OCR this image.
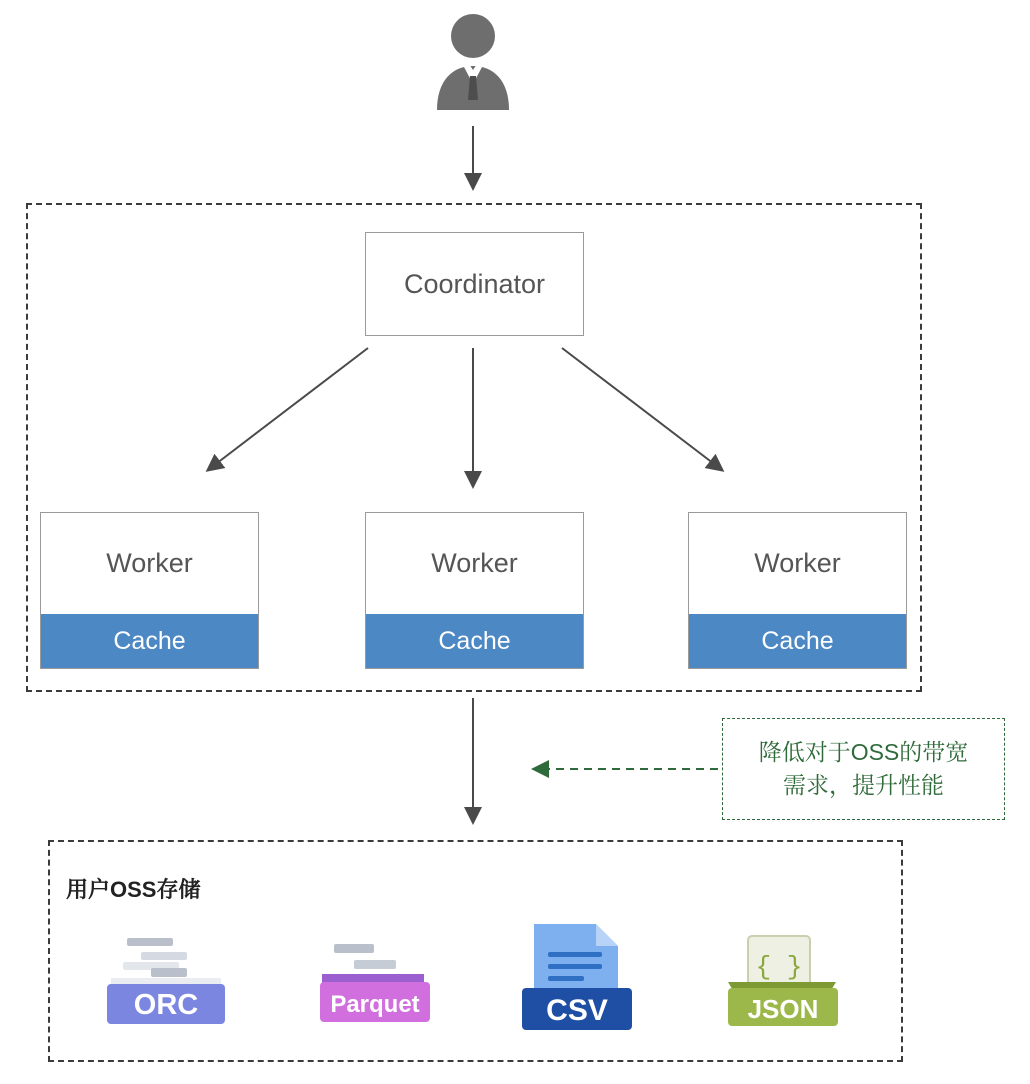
Coordinator
Worker
Cache
Worker
Cache
Worker
Cache
降低对于OSS的带宽
需求，提升性能
用户OSS存储
ORC	Parquet	CSV
{ }
JSON
